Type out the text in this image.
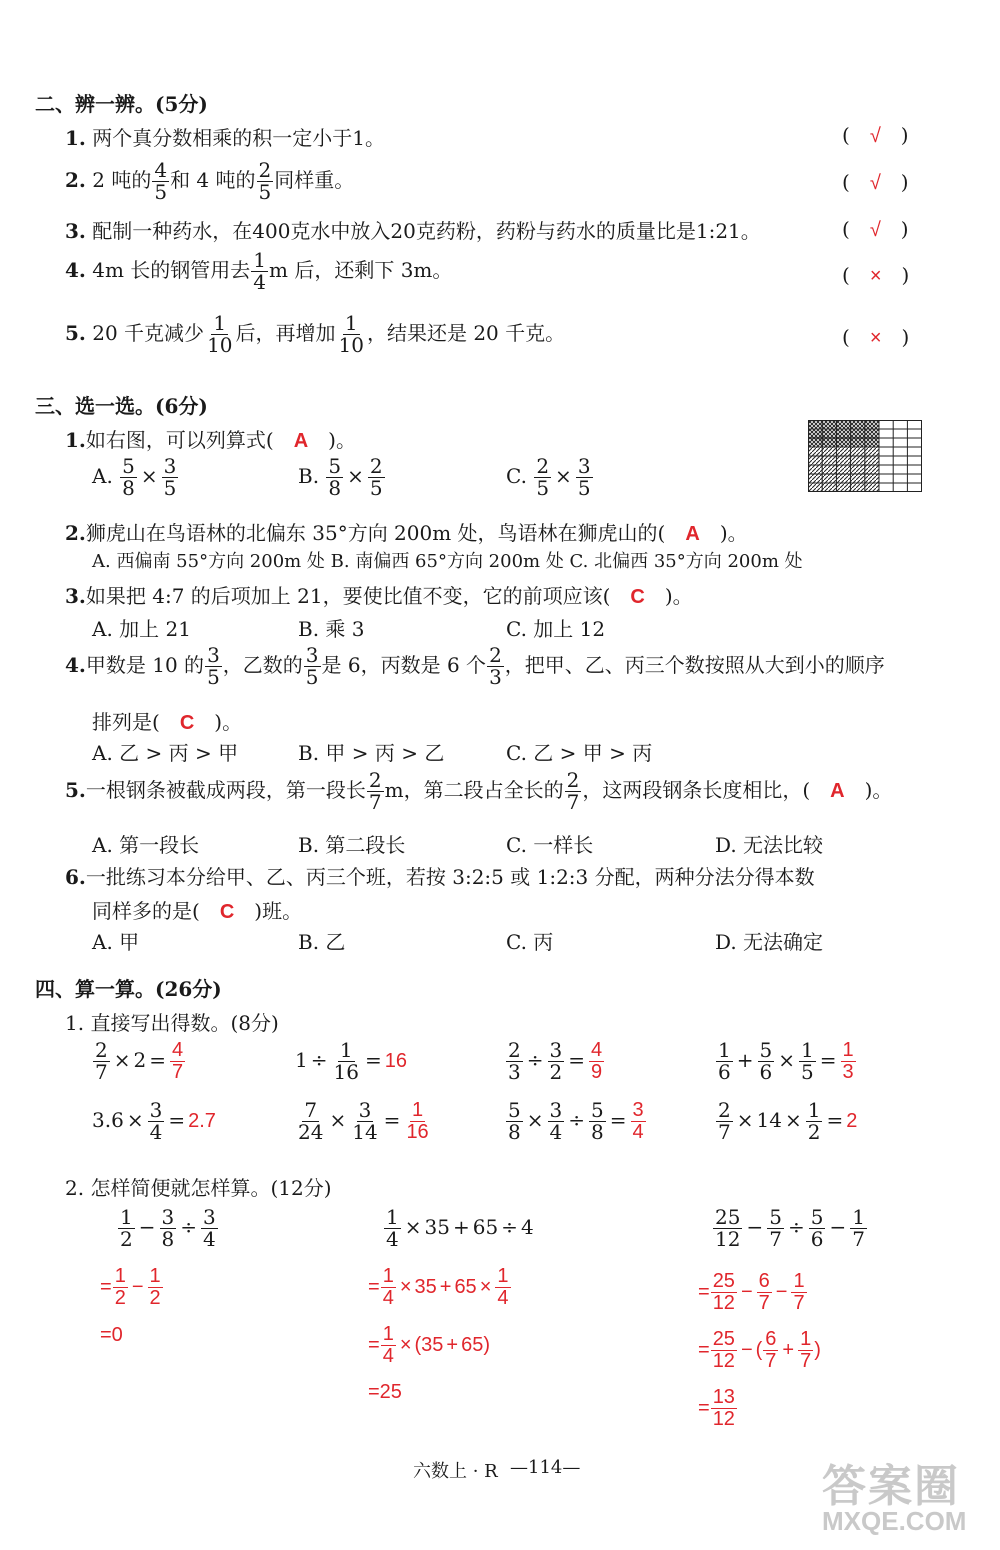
二、辨一辨。(5分)
1. 两个真分数相乘的积一定小于1。	(　√　)
2. 2 吨的 $\frac{4}{5}$ 和 4 吨的 $\frac{2}{5}$ 同样重。	(　√　)
3. 配制一种药水，在400克水中放入20克药粉，药粉与药水的质量比是1:21。	(　√　)
4. 4m 长的钢管用去 $\frac{1}{4}$ m 后，还剩下 3m。	(　×　)
5. 20 千克减少 $\frac{1}{10}$ 后，再增加 $\frac{1}{10}$ ，结果还是 20 千克。	(　×　)
三、选一选。(6分)
1.如右图，可以列算式(　 A　 )。
A. $\frac{5}{8} \times \frac{3}{5}$	B. $\frac{5}{8} \times \frac{2}{5}$	C. $\frac{2}{5} \times \frac{3}{5}$
2.狮虎山在鸟语林的北偏东 35°方向 200m 处，鸟语林在狮虎山的(　 A　 )。
A. 西偏南 55°方向 200m 处 B. 南偏西 65°方向 200m 处 C. 北偏西 35°方向 200m 处
3.如果把 4:7 的后项加上 21，要使比值不变，它的前项应该(　 C　 )。
A. 加上 21	B. 乘 3	C. 加上 12
4.甲数是 10 的 $\frac{3}{5}$ ，乙数的 $\frac{3}{5}$ 是 6，丙数是 6 个 $\frac{2}{3}$ ，把甲、乙、丙三个数按照从大到小的顺序
排列是(　 C　 )。
A. 乙 > 丙 > 甲	B. 甲 > 丙 > 乙	C. 乙 > 甲 > 丙
5.一根钢条被截成两段，第一段长 $\frac{2}{7}$ m，第二段占全长的 $\frac{2}{7}$ ，这两段钢条长度相比，(　 A　 )。
A. 第一段长	B. 第二段长	C. 一样长	D. 无法比较
6.一批练习本分给甲、乙、丙三个班，若按 3:2:5 或 1:2:3 分配，两种分法分得本数
同样多的是(　 C　 )班。
A. 甲	B. 乙	C. 丙	D. 无法确定
四、算一算。(26分)
1. 直接写出得数。(8分)
$\frac{2}{7} \times 2 = \frac{4}{7}$	$1 \div \frac{1}{16} = 16$	$\frac{2}{3} \div \frac{3}{2} = \frac{4}{9}$	$\frac{1}{6} + \frac{5}{6} \times \frac{1}{5} = \frac{1}{3}$
$3.6 \times \frac{3}{4} = 2.7$	$\frac{7}{24} \times \frac{3}{14} = \frac{1}{16}$	$\frac{5}{8} \times \frac{3}{4} \div \frac{5}{8} = \frac{3}{4}$	$\frac{2}{7} \times 14 \times \frac{1}{2} = 2$
2. 怎样简便就怎样算。(12分)
$\frac{1}{2} - \frac{3}{8} \div \frac{3}{4}$
= $\frac{1}{2} - \frac{1}{2}$
=0
$\frac{1}{4} \times 35 + 65 \div 4$
= $\frac{1}{4} \times 35 + 65 \times \frac{1}{4}$
= $\frac{1}{4} \times (35 + 65)$
=25
$\frac{25}{12} - \frac{5}{7} \div \frac{5}{6} - \frac{1}{7}$
= $\frac{25}{12} - \frac{6}{7} - \frac{1}{7}$
= $\frac{25}{12}$ − ( $\frac{6}{7} + \frac{1}{7}$ )
= $\frac{13}{12}$
六数上 · R —114—	答案圈
MXQE.COM
